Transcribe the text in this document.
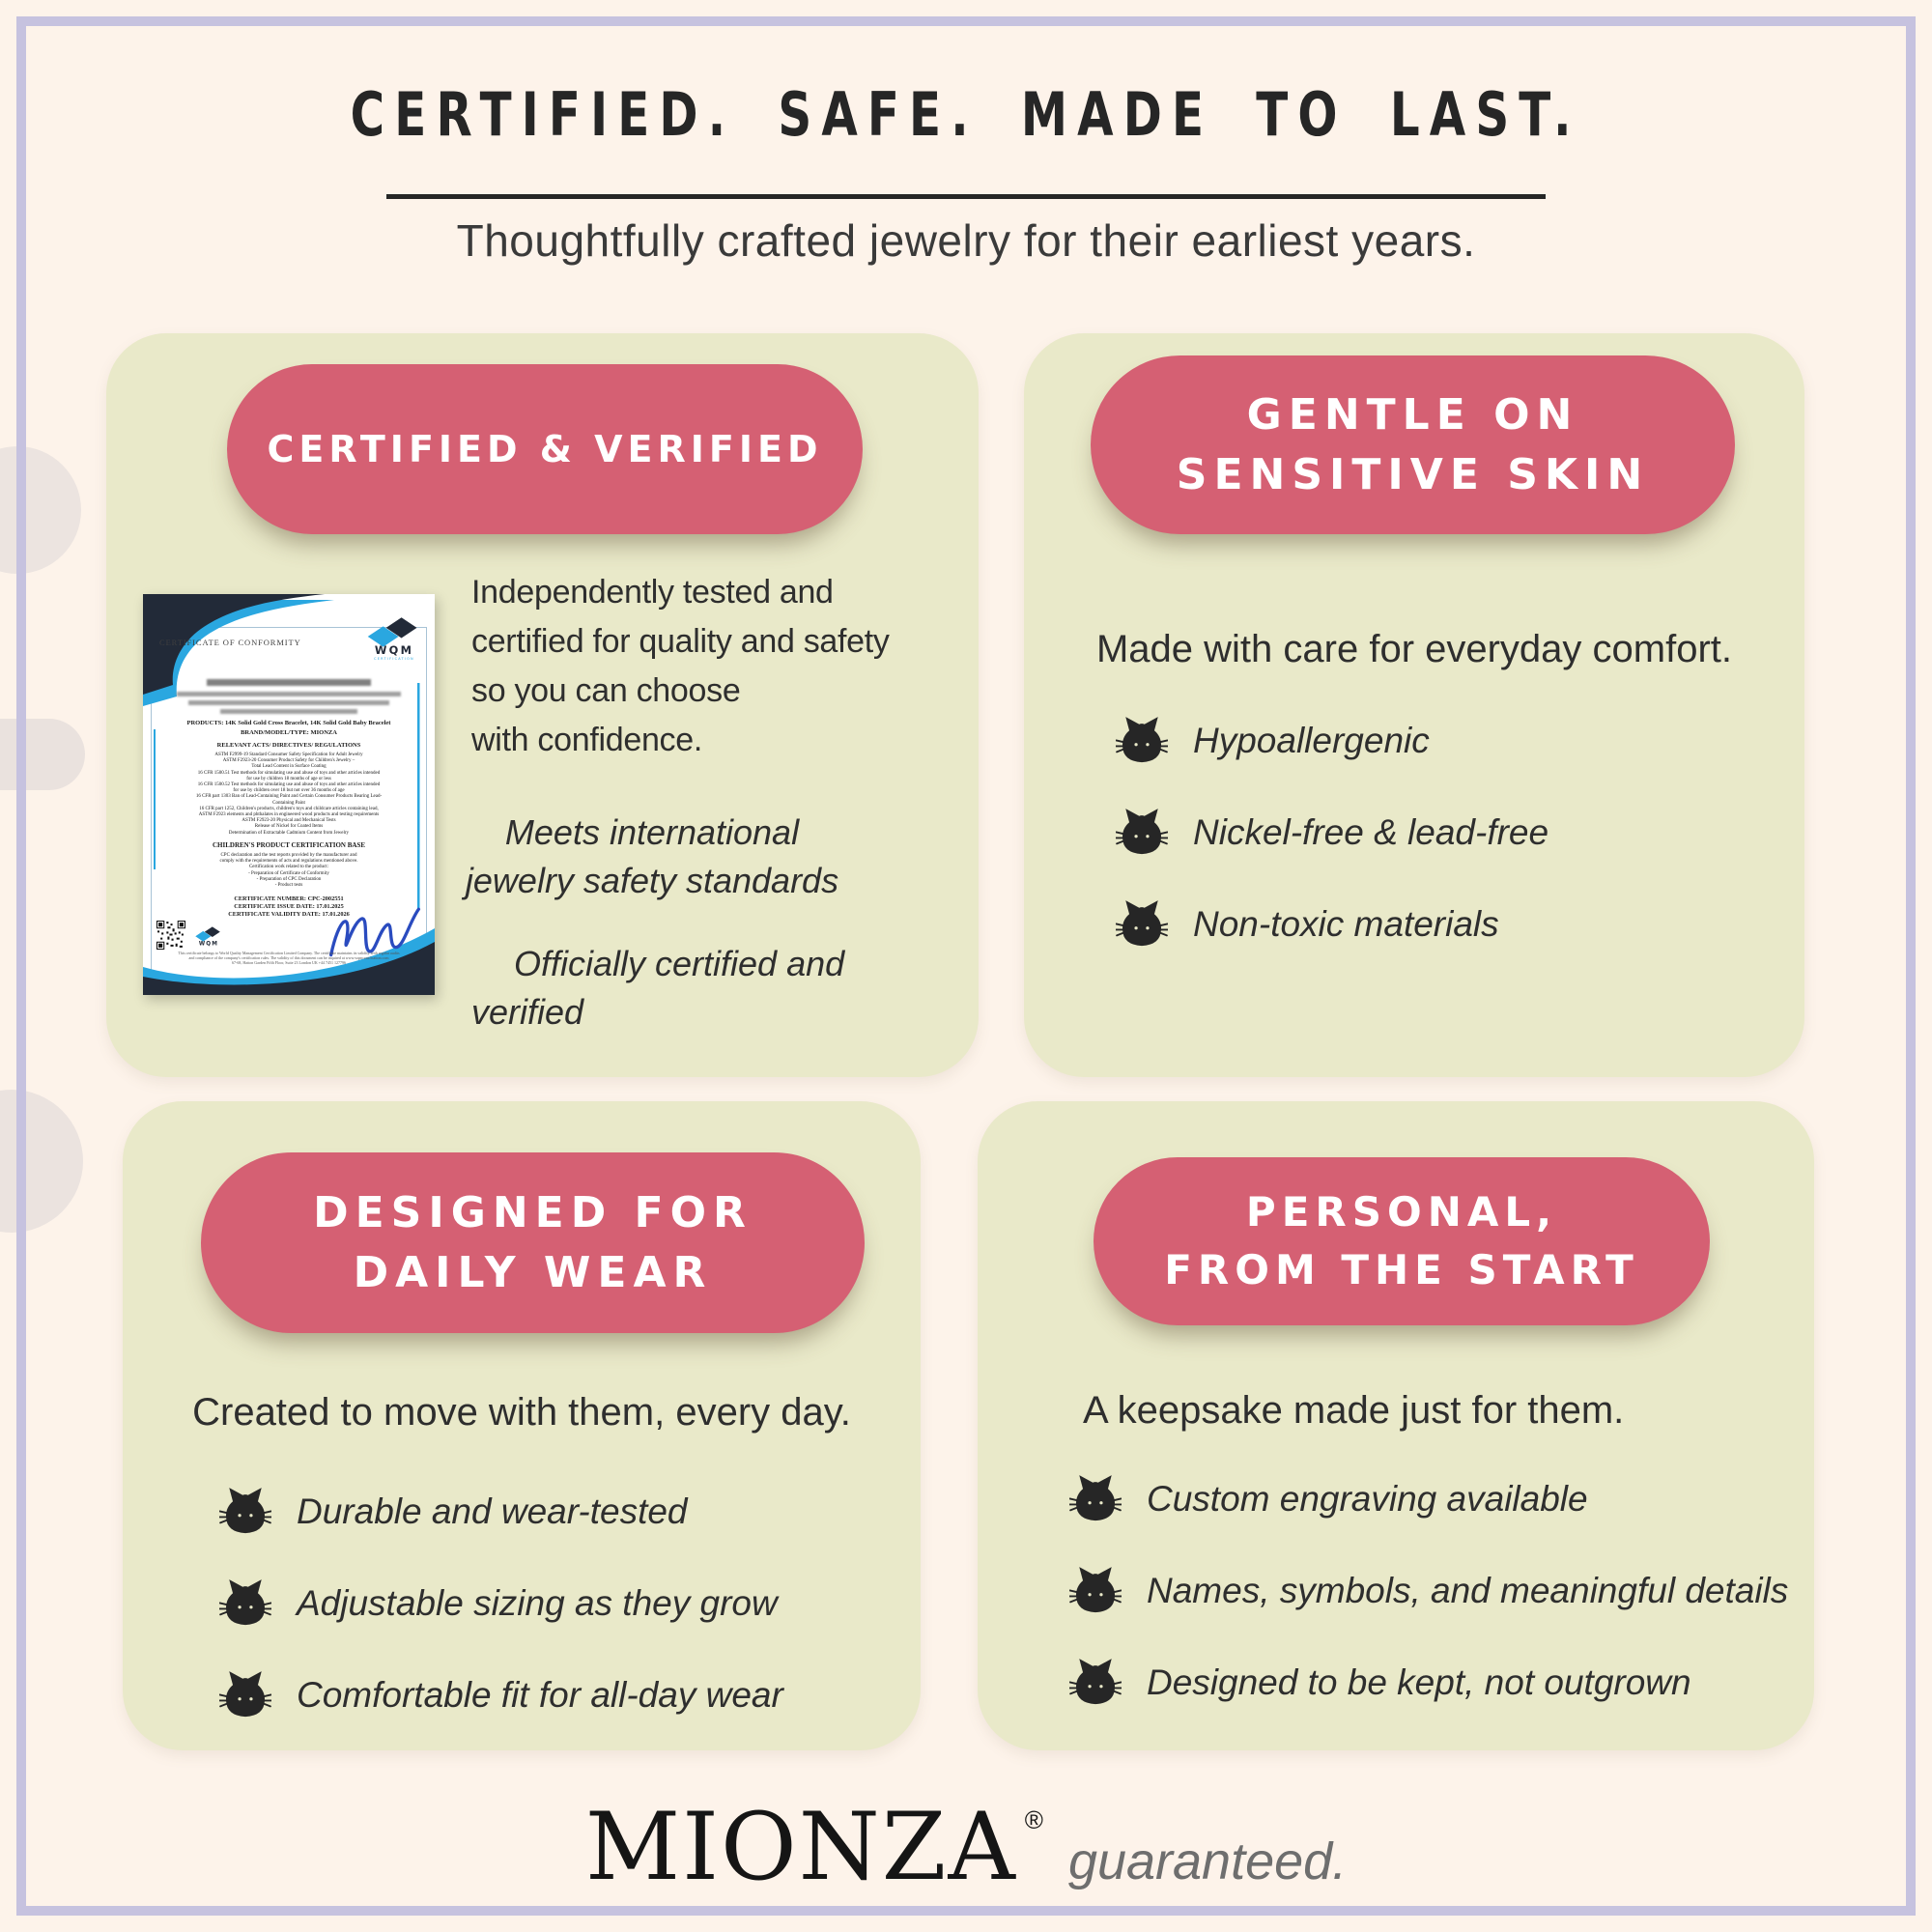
CERTIFIED. SAFE. MADE TO LAST.
Thoughtfully crafted jewelry for their earliest years.
CERTIFIED & VERIFIED
CERTIFICATE OF CONFORMITY
WQM
CERTIFICATION
PRODUCTS: 14K Solid Gold Cross Bracelet, 14K Solid Gold Baby Bracelet
BRAND/MODEL/TYPE: MIONZA
RELEVANT ACTS/ DIRECTIVES/ REGULATIONS
ASTM F2999-19 Standard Consumer Safety Specification for Adult Jewelry
ASTM F2923-20 Consumer Product Safety for Children's Jewelry –
Total Lead Content in Surface Coating
16 CFR 1500.51 Test methods for simulating use and abuse of toys and other articles intended
for use by children 18 months of age or less
16 CFR 1500.52 Test methods for simulating use and abuse of toys and other articles intended
for use by children over 18 but not over 36 months of age
16 CFR part 1303 Ban of Lead-Containing Paint and Certain Consumer Products Bearing Lead-
Containing Paint
16 CFR part 1252, Children's products, children's toys and childcare articles containing lead,
ASTM F2923 elements and phthalates in engineered wood products and testing requirements
ASTM F2923-20 Physical and Mechanical Tests
Release of Nickel for Coated Items
Determination of Extractable Cadmium Content from Jewelry
CHILDREN'S PRODUCT CERTIFICATION BASE
CPC declaration and the test reports provided by the manufacturer and
comply with the requirements of acts and regulations mentioned above.
Certification work related to the product:
- Preparation of Certificate of Conformity
- Preparation of CPC Declaration
- Product tests
CERTIFICATE NUMBER: CPC-2002551
CERTIFICATE ISSUE DATE: 17.01.2025
CERTIFICATE VALIDITY DATE: 17.01.2026
WQM
This certificate belongs to World Quality Management Certification Limited Company. The certificate maintains its validity with regular audits
and compliance of the company's certification rules. The validity of this document can be inquired at www.wqmcertification.com
67-68, Hatton Garden Fifth Floor, Suite 23 London UK +44 7451 127796
Independently tested and
certified for quality and safety
so you can choose
with confidence.
Meets international
jewelry safety standards
Officially certified and
verified
GENTLE ON
SENSITIVE SKIN
Made with care for everyday comfort.
Hypoallergenic
Nickel-free & lead-free
Non-toxic materials
DESIGNED FOR
DAILY WEAR
Created to move with them, every day.
Durable and wear-tested
Adjustable sizing as they grow
Comfortable fit for all-day wear
PERSONAL,
FROM THE START
A keepsake made just for them.
Custom engraving available
Names, symbols, and meaningful details
Designed to be kept, not outgrown
MIONZA ®
guaranteed.
